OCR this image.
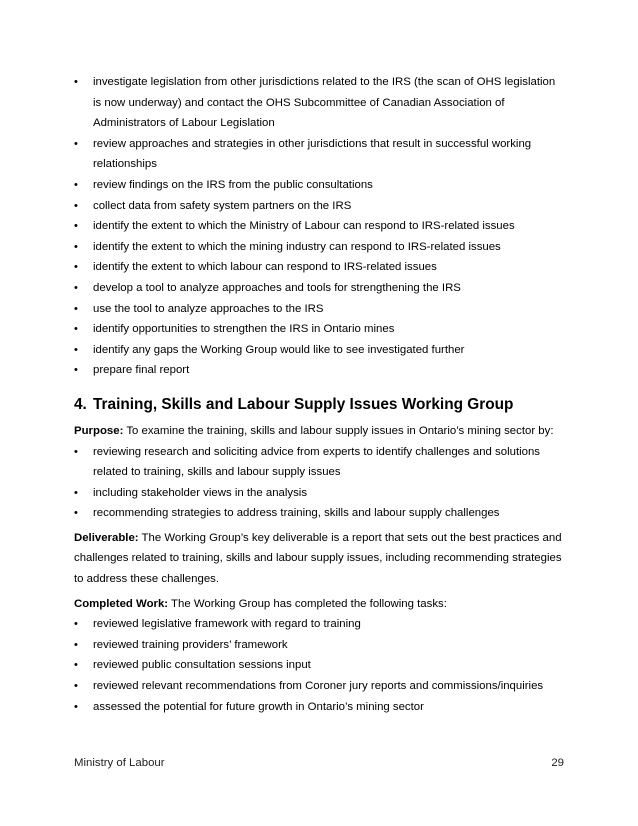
• investigate legislation from other jurisdictions related to the IRS (the scan of OHS legislation is now underway) and contact the OHS Subcommittee of Canadian Association of Administrators of Labour Legislation
• review approaches and strategies in other jurisdictions that result in successful working relationships
• review findings on the IRS from the public consultations
• collect data from safety system partners on the IRS
• identify the extent to which the Ministry of Labour can respond to IRS-related issues
• identify the extent to which the mining industry can respond to IRS-related issues
• identify the extent to which labour can respond to IRS-related issues
• develop a tool to analyze approaches and tools for strengthening the IRS
• use the tool to analyze approaches to the IRS
• identify opportunities to strengthen the IRS in Ontario mines
• identify any gaps the Working Group would like to see investigated further
• prepare final report
4. Training, Skills and Labour Supply Issues Working Group

Purpose: To examine the training, skills and labour supply issues in Ontario’s mining sector by:

• reviewing research and soliciting advice from experts to identify challenges and solutions related to training, skills and labour supply issues
• including stakeholder views in the analysis
• recommending strategies to address training, skills and labour supply challenges

Deliverable: The Working Group’s key deliverable is a report that sets out the best practices and challenges related to training, skills and labour supply issues, including recommending strategies to address these challenges.

Completed Work: The Working Group has completed the following tasks:

• reviewed legislative framework with regard to training
• reviewed training providers’ framework
• reviewed public consultation sessions input
• reviewed relevant recommendations from Coroner jury reports and commissions/inquiries
• assessed the potential for future growth in Ontario’s mining sector
Ministry of Labour	29
